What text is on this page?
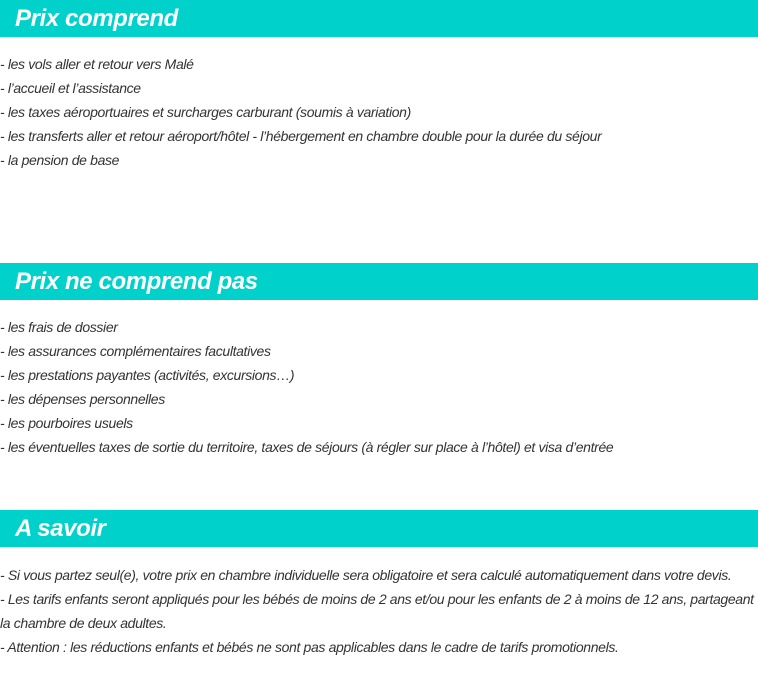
Prix comprend
- les vols aller et retour vers Malé
- l’accueil et l’assistance
- les taxes aéroportuaires et surcharges carburant (soumis à variation)
- les transferts aller et retour aéroport/hôtel - l’hébergement en chambre double pour la durée du séjour
- la pension de base
Prix ne comprend pas
- les frais de dossier
- les assurances complémentaires facultatives
- les prestations payantes (activités, excursions…)
- les dépenses personnelles
- les pourboires usuels
- les éventuelles taxes de sortie du territoire, taxes de séjours (à régler sur place à l’hôtel) et visa d’entrée
A savoir
- Si vous partez seul(e), votre prix en chambre individuelle sera obligatoire et sera calculé automatiquement dans votre devis.
- Les tarifs enfants seront appliqués pour les bébés de moins de 2 ans et/ou pour les enfants de 2 à moins de 12 ans, partageant la chambre de deux adultes.
- Attention : les réductions enfants et bébés ne sont pas applicables dans le cadre de tarifs promotionnels.
